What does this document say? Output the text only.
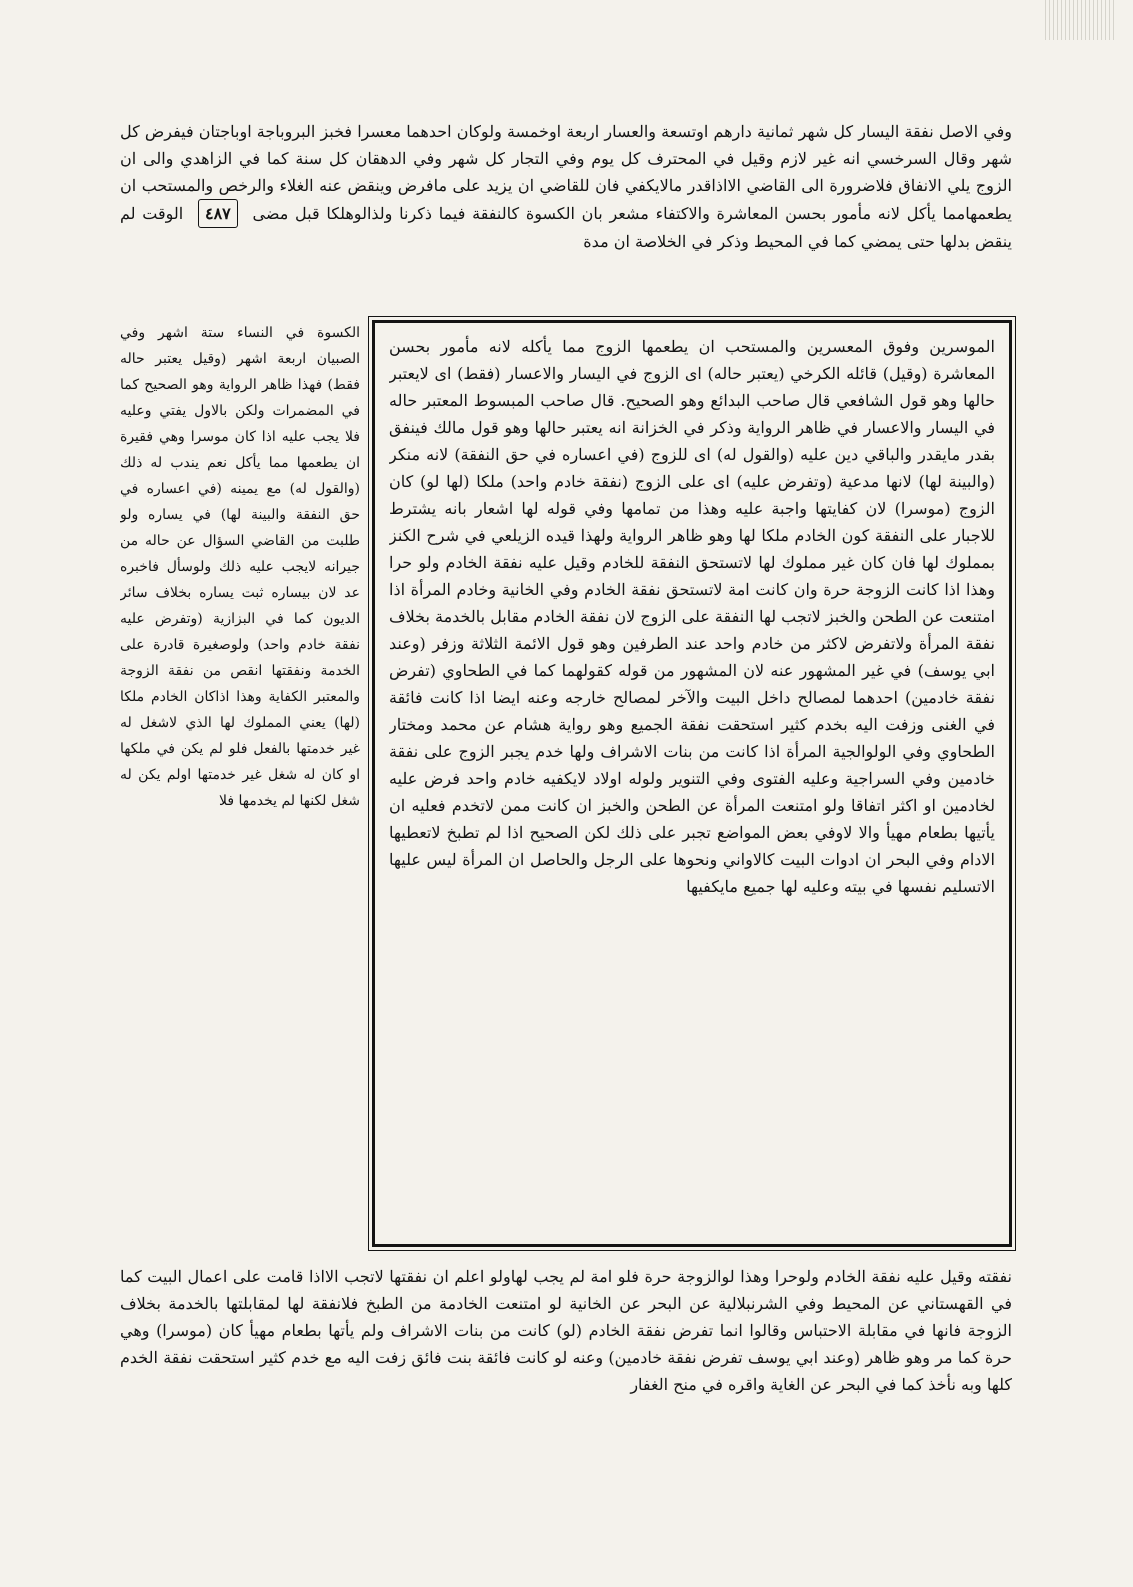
وفي الاصل نفقة اليسار كل شهر ثمانية دارهم اوتسعة والعسار اربعة اوخمسة ولوكان احدهما معسرا فخبز البروباجة اوباجتان فيفرض كل شهر وقال السرخسي انه غير لازم وقيل في المحترف كل يوم وفي التجار كل شهر وفي الدهقان كل سنة كما في الزاهدي والى ان الزوج يلي الانفاق فلاضرورة الى القاضي الااذاقدر مالايكفي فان للقاضي ان يزيد على مافرض وينقض عنه الغلاء والرخص والمستحب ان يطعمهامما يأكل لانه مأمور بحسن المعاشرة والاكتفاء مشعر بان الكسوة كالنفقة فيما ذكرنا ولذالوهلكا قبل مضى ٤٨٧ الوقت لم ينقض بدلها حتى يمضي كما في المحيط وذكر في الخلاصة ان مدة
الكسوة في النساء ستة اشهر وفي الصبيان اربعة اشهر (وقيل يعتبر حاله فقط) فهذا ظاهر الرواية وهو الصحيح كما في المضمرات ولكن بالاول يفتي وعليه فلا يجب عليه اذا كان موسرا وهي فقيرة ان يطعمها مما يأكل نعم يندب له ذلك (والقول له) مع يمينه (في اعساره في حق النفقة والبينة لها) في يساره ولو طلبت من القاضي السؤال عن حاله من جيرانه لايجب عليه ذلك ولوسأل فاخبره عد لان بيساره ثبت يساره بخلاف سائر الديون كما في البزازية (وتفرض عليه نفقة خادم واحد) ولوصغيرة قادرة على الخدمة ونفقتها انقص من نفقة الزوجة والمعتبر الكفاية وهذا اذاكان الخادم ملكا (لها) يعني المملوك لها الذي لاشغل له غير خدمتها بالفعل فلو لم يكن في ملكها او كان له شغل غير خدمتها اولم يكن له شغل لكنها لم يخدمها فلا
الموسرين وفوق المعسرين والمستحب ان يطعمها الزوج مما يأكله لانه مأمور بحسن المعاشرة (وقيل) قائله الكرخي (يعتبر حاله) اى الزوج في اليسار والاعسار (فقط) اى لايعتبر حالها وهو قول الشافعي قال صاحب البدائع وهو الصحيح. قال صاحب المبسوط المعتبر حاله في اليسار والاعسار في ظاهر الرواية وذكر في الخزانة انه يعتبر حالها وهو قول مالك فينفق بقدر مايقدر والباقي دين عليه (والقول له) اى للزوج (في اعساره في حق النفقة) لانه منكر (والبينة لها) لانها مدعية (وتفرض عليه) اى على الزوج (نفقة خادم واحد) ملكا (لها لو) كان الزوج (موسرا) لان كفايتها واجبة عليه وهذا من تمامها وفي قوله لها اشعار بانه يشترط للاجبار على النفقة كون الخادم ملكا لها وهو ظاهر الرواية ولهذا قيده الزيلعي في شرح الكنز بمملوك لها فان كان غير مملوك لها لاتستحق النفقة للخادم وقيل عليه نفقة الخادم ولو حرا وهذا اذا كانت الزوجة حرة وان كانت امة لاتستحق نفقة الخادم وفي الخانية وخادم المرأة اذا امتنعت عن الطحن والخبز لاتجب لها النفقة على الزوج لان نفقة الخادم مقابل بالخدمة بخلاف نفقة المرأة ولاتفرض لاكثر من خادم واحد عند الطرفين وهو قول الائمة الثلاثة وزفر (وعند ابي يوسف) في غير المشهور عنه لان المشهور من قوله كقولهما كما في الطحاوي (تفرض نفقة خادمين) احدهما لمصالح داخل البيت والآخر لمصالح خارجه وعنه ايضا اذا كانت فائقة في الغنى وزفت اليه بخدم كثير استحقت نفقة الجميع وهو رواية هشام عن محمد ومختار الطحاوي وفي الولوالجية المرأة اذا كانت من بنات الاشراف ولها خدم يجبر الزوج على نفقة خادمين وفي السراجية وعليه الفتوى وفي التنوير ولوله اولاد لايكفيه خادم واحد فرض عليه لخادمين او اكثر اتفاقا ولو امتنعت المرأة عن الطحن والخبز ان كانت ممن لاتخدم فعليه ان يأتيها بطعام مهيأ والا لاوفي بعض المواضع تجبر على ذلك لكن الصحيح اذا لم تطبخ لاتعطيها الادام وفي البحر ان ادوات البيت كالاواني ونحوها على الرجل والحاصل ان المرأة ليس عليها الاتسليم نفسها في بيته وعليه لها جميع مايكفيها
نفقته وقيل عليه نفقة الخادم ولوحرا وهذا لوالزوجة حرة فلو امة لم يجب لهاولو اعلم ان نفقتها لاتجب الااذا قامت على اعمال البيت كما في القهستاني عن المحيط وفي الشرنبلالية عن البحر عن الخانية لو امتنعت الخادمة من الطبخ فلانفقة لها لمقابلتها بالخدمة بخلاف الزوجة فانها في مقابلة الاحتباس وقالوا انما تفرض نفقة الخادم (لو) كانت من بنات الاشراف ولم يأتها بطعام مهيأ كان (موسرا) وهي حرة كما مر وهو ظاهر (وعند ابي يوسف تفرض نفقة خادمين) وعنه لو كانت فائقة بنت فائق زفت اليه مع خدم كثير استحقت نفقة الخدم كلها وبه نأخذ كما في البحر عن الغاية واقره في منح الغفار
